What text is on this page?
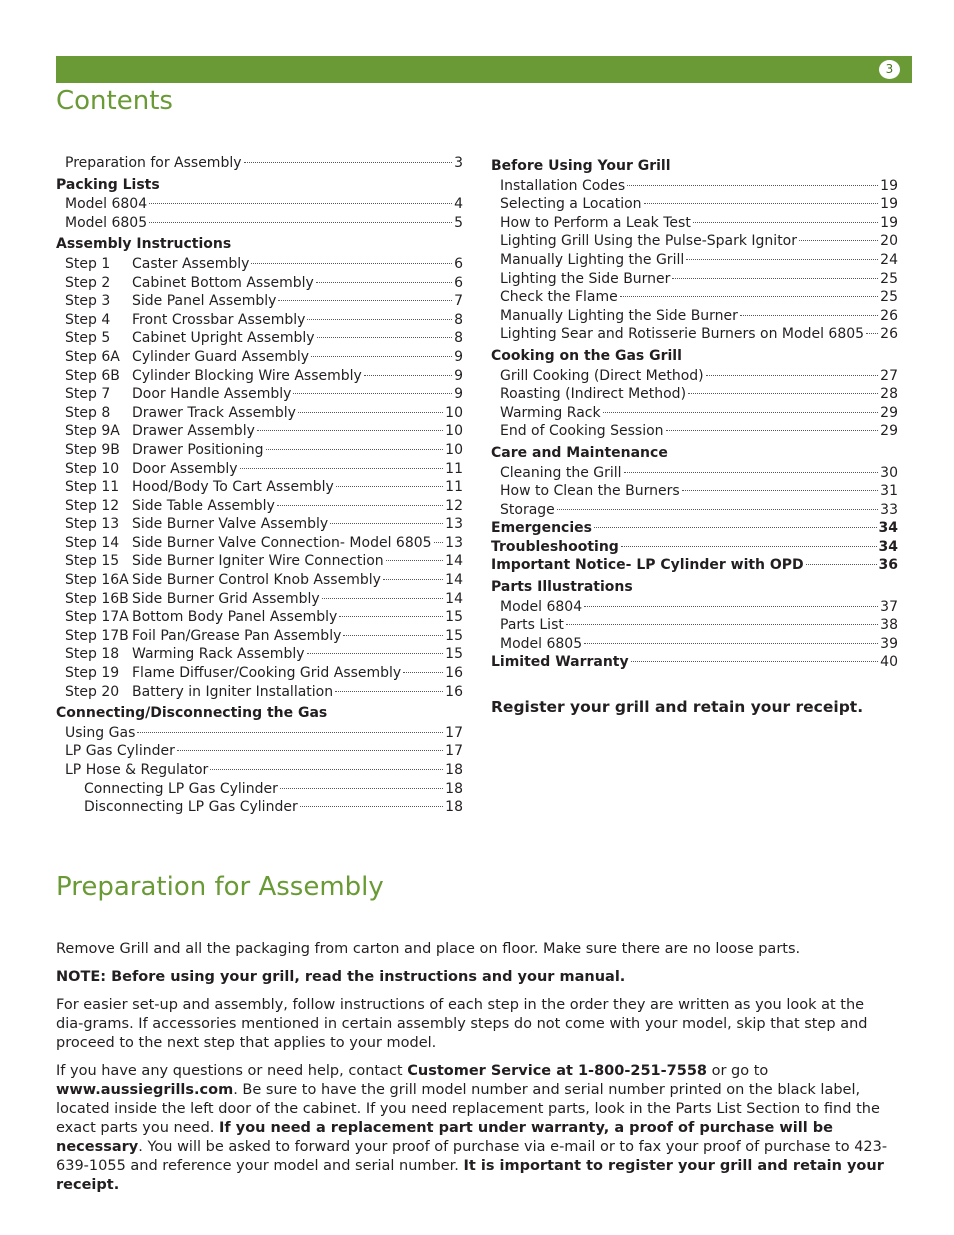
3
Contents
Preparation for Assembly	3
Packing Lists
Model 6804	4
Model 6805	5
Assembly Instructions
Step 1 Caster Assembly	6
Step 2 Cabinet Bottom Assembly	6
Step 3 Side Panel Assembly	7
Step 4 Front Crossbar Assembly	8
Step 5 Cabinet Upright Assembly	8
Step 6A Cylinder Guard Assembly	9
Step 6B Cylinder Blocking Wire Assembly	9
Step 7 Door Handle Assembly	9
Step 8 Drawer Track Assembly	10
Step 9A Drawer Assembly	10
Step 9B Drawer Positioning	10
Step 10 Door Assembly	11
Step 11 Hood/Body To Cart Assembly	11
Step 12 Side Table Assembly	12
Step 13 Side Burner Valve Assembly	13
Step 14 Side Burner Valve Connection- Model 6805 13
Step 15 Side Burner Igniter Wire Connection	14
Step 16A Side Burner Control Knob Assembly	14
Step 16B Side Burner Grid Assembly	14
Step 17A Bottom Body Panel Assembly	15
Step 17B Foil Pan/Grease Pan Assembly	15
Step 18 Warming Rack Assembly	15
Step 19 Flame Diffuser/Cooking Grid Assembly	16
Step 20 Battery in Igniter Installation	16
Connecting/Disconnecting the Gas
Using Gas	17
LP Gas Cylinder	17
LP Hose & Regulator	18
Connecting LP Gas Cylinder	18
Disconnecting LP Gas Cylinder	18
Before Using Your Grill
Installation Codes	19
Selecting a Location	19
How to Perform a Leak Test	19
Lighting Grill Using the Pulse-Spark Ignitor	20
Manually Lighting the Grill	24
Lighting the Side Burner	25
Check the Flame	25
Manually Lighting the Side Burner	26
Lighting Sear and Rotisserie Burners on Model 6805 26
Cooking on the Gas Grill
Grill Cooking (Direct Method)	27
Roasting (Indirect Method)	28
Warming Rack	29
End of Cooking Session	29
Care and Maintenance
Cleaning the Grill	30
How to Clean the Burners	31
Storage	33
Emergencies	34
Troubleshooting	34
Important Notice- LP Cylinder with OPD	36
Parts Illustrations
Model 6804	37
Parts List	38
Model 6805	39
Limited Warranty	40
Register your grill and retain your receipt.
Preparation for Assembly

Remove Grill and all the packaging from carton and place on floor. Make sure there are no loose parts.

NOTE: Before using your grill, read the instructions and your manual.

For easier set-up and assembly, follow instructions of each step in the order they are written as you look at the dia-grams. If accessories mentioned in certain assembly steps do not come with your model, skip that step and proceed to the next step that applies to your model.

If you have any questions or need help, contact Customer Service at 1-800-251-7558 or go to www.aussiegrills.com. Be sure to have the grill model number and serial number printed on the black label, located inside the left door of the cabinet. If you need replacement parts, look in the Parts List Section to find the exact parts you need. If you need a replacement part under warranty, a proof of purchase will be necessary. You will be asked to forward your proof of purchase via e-mail or to fax your proof of purchase to 423-639-1055 and reference your model and serial number. It is important to register your grill and retain your receipt.
